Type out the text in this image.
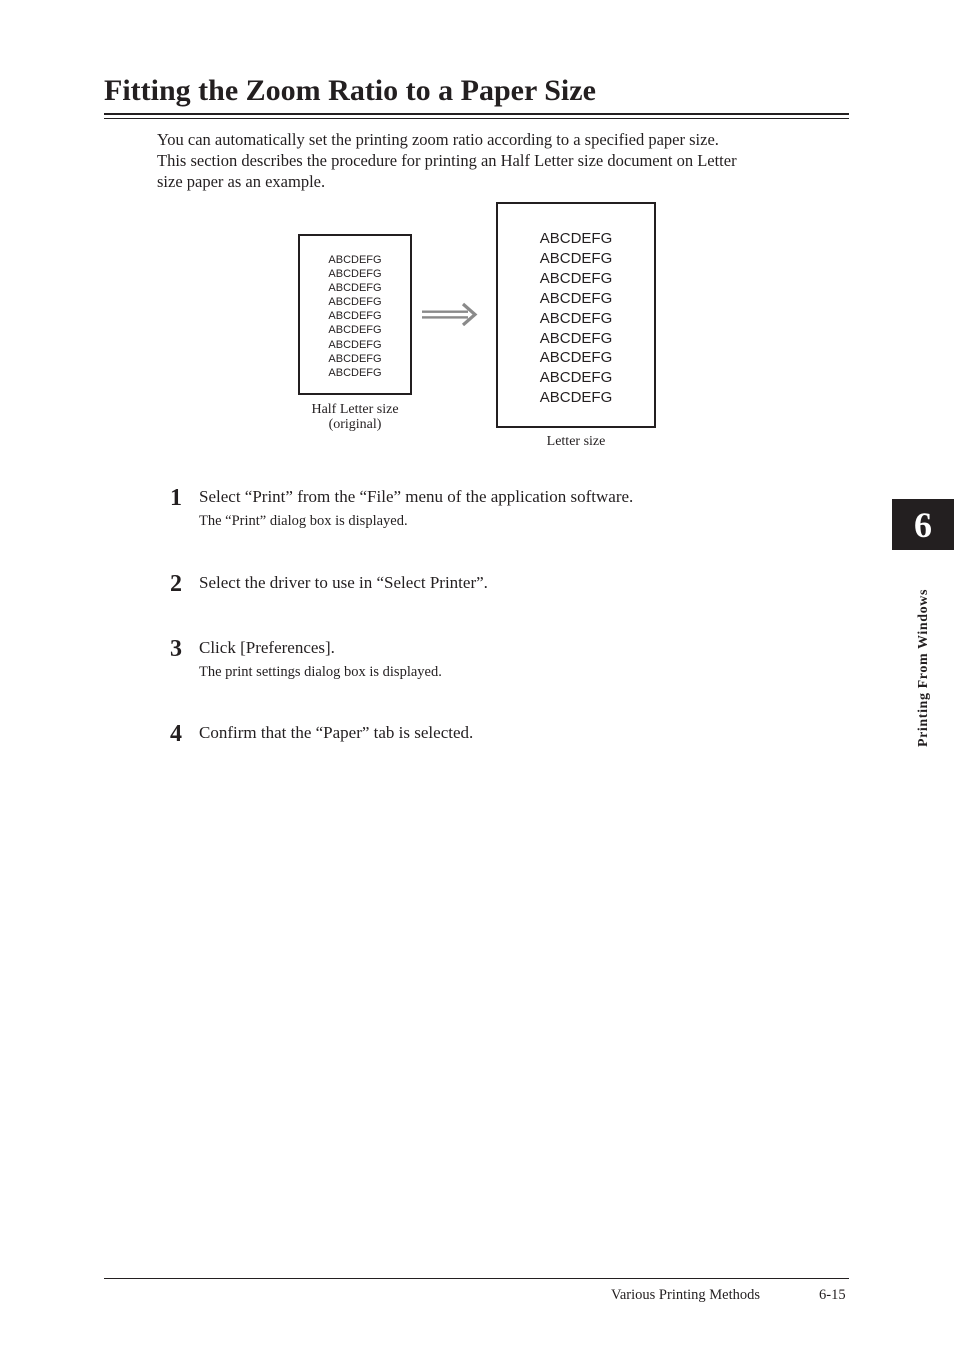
Fitting the Zoom Ratio to a Paper Size
You can automatically set the printing zoom ratio according to a specified paper size.
This section describes the procedure for printing an Half Letter size document on Letter
size paper as an example.
ABCDEFG
ABCDEFG
ABCDEFG
ABCDEFG
ABCDEFG
ABCDEFG
ABCDEFG
ABCDEFG
ABCDEFG
ABCDEFG
ABCDEFG
ABCDEFG
ABCDEFG
ABCDEFG
ABCDEFG
ABCDEFG
ABCDEFG
ABCDEFG
Half Letter size
(original)
Letter size
1 Select “Print” from the “File” menu of the application software.
The “Print” dialog box is displayed.
2 Select the driver to use in “Select Printer”.
3 Click [Preferences].
The print settings dialog box is displayed.
4 Confirm that the “Paper” tab is selected.
6
Printing From Windows
Various Printing Methods	6-15
